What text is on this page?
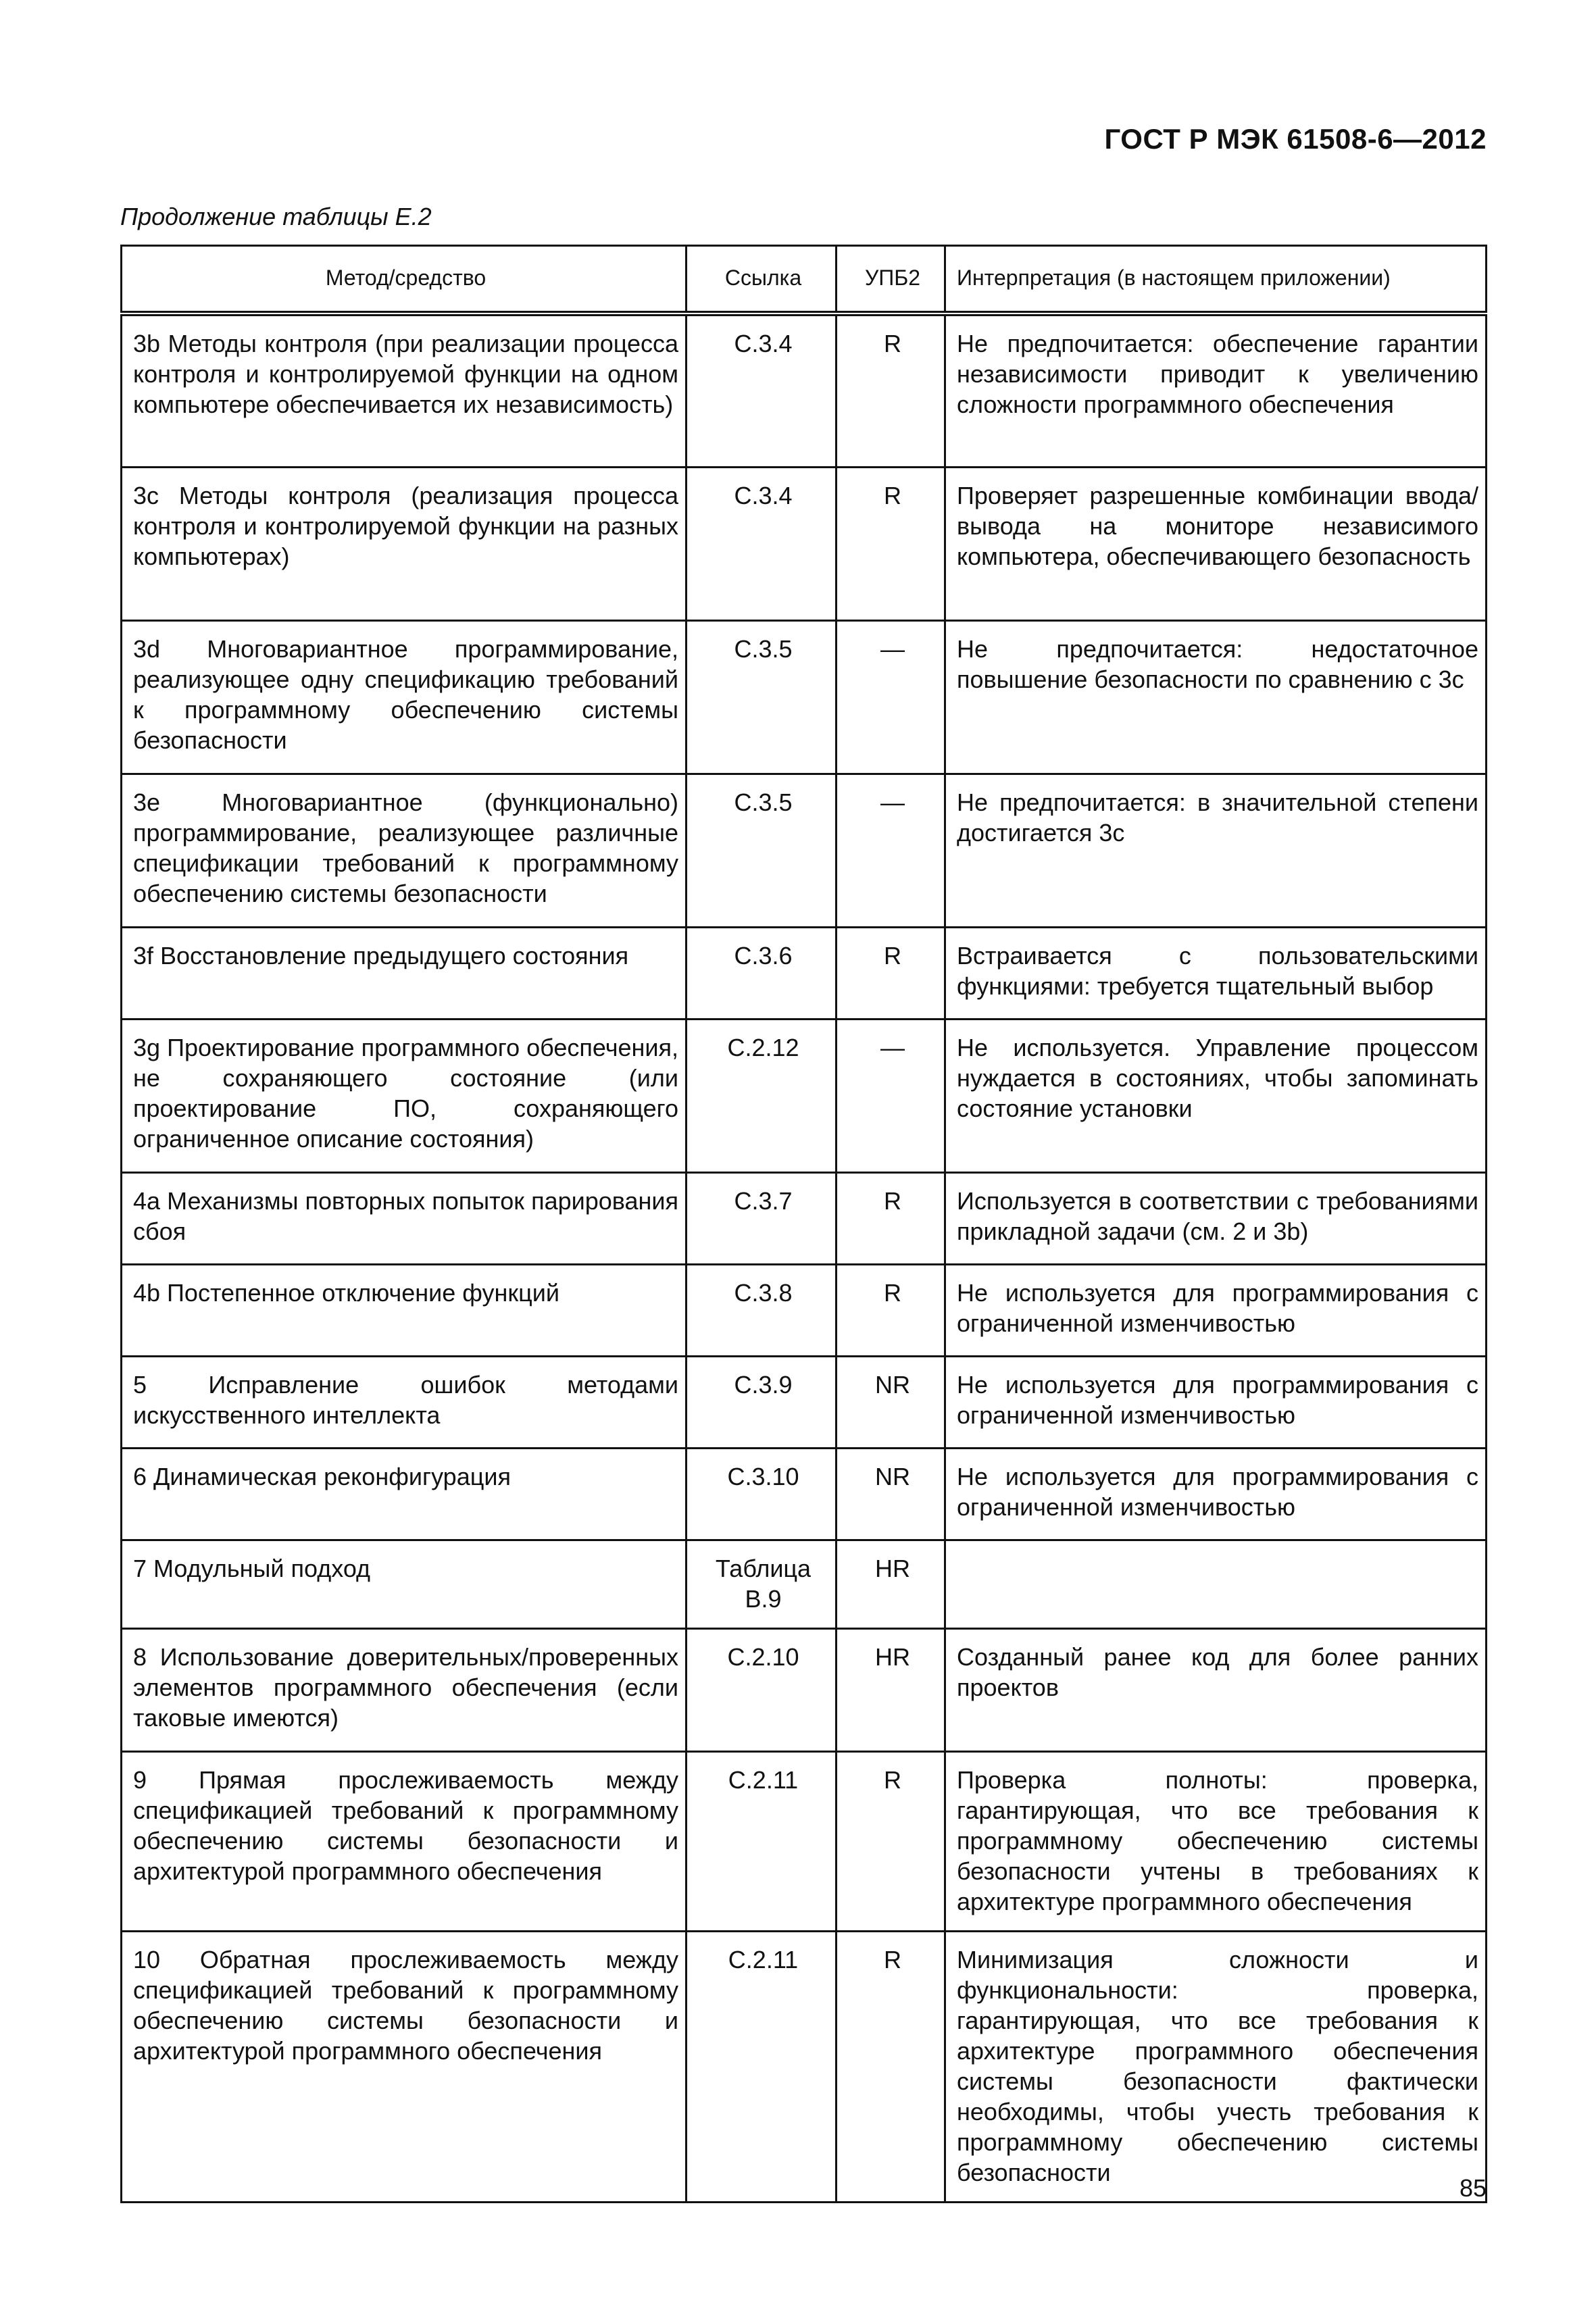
ГОСТ Р МЭК 61508-6—2012
Продолжение таблицы E.2
Метод/средство	Ссылка	УПБ2	Интерпретация (в настоящем приложении)
3b Методы контроля (при реализации процесса контроля и контролируемой функции на одном компьютере обеспечивается их независимость)	C.3.4	R	Не предпочитается: обеспечение гарантии независимости приводит к увеличению сложности программного обеспечения
3c Методы контроля (реализация процесса контроля и контролируемой функции на разных компьютерах)	C.3.4	R	Проверяет разрешенные комбинации ввода/вывода на мониторе независимого компьютера, обеспечивающего безопасность
3d Многовариантное программирование, реализующее одну спецификацию требований к программному обеспечению системы безопасности	C.3.5	—	Не предпочитается: недостаточное повышение безопасности по сравнению с 3c
3e Многовариантное (функционально) программирование, реализующее различные спецификации требований к программному обеспечению системы безопасности	C.3.5	—	Не предпочитается: в значительной степени достигается 3c
3f Восстановление предыдущего состояния	C.3.6	R	Встраивается с пользовательскими функциями: требуется тщательный выбор
3g Проектирование программного обеспечения, не сохраняющего состояние (или проектирование ПО, сохраняющего ограниченное описание состояния)	C.2.12	—	Не используется. Управление процессом нуждается в состояниях, чтобы запоминать состояние установки
4a Механизмы повторных попыток парирования сбоя	C.3.7	R	Используется в соответствии с требованиями прикладной задачи (см. 2 и 3b)
4b Постепенное отключение функций	C.3.8	R	Не используется для программирования с ограниченной изменчивостью
5 Исправление ошибок методами искусственного интеллекта	C.3.9	NR	Не используется для программирования с ограниченной изменчивостью
6 Динамическая реконфигурация	C.3.10	NR	Не используется для программирования с ограниченной изменчивостью
7 Модульный подход	Таблица B.9	HR	
8 Использование доверительных/проверенных элементов программного обеспечения (если таковые имеются)	C.2.10	HR	Созданный ранее код для более ранних проектов
9 Прямая прослеживаемость между спецификацией требований к программному обеспечению системы безопасности и архитектурой программного обеспечения	C.2.11	R	Проверка полноты: проверка, гарантирующая, что все требования к программному обеспечению системы безопасности учтены в требованиях к архитектуре программного обеспечения
10 Обратная прослеживаемость между спецификацией требований к программному обеспечению системы безопасности и архитектурой программного обеспечения	C.2.11	R	Минимизация сложности и функциональности: проверка, гарантирующая, что все требования к архитектуре программного обеспечения системы безопасности фактически необходимы, чтобы учесть требования к программному обеспечению системы безопасности
85
